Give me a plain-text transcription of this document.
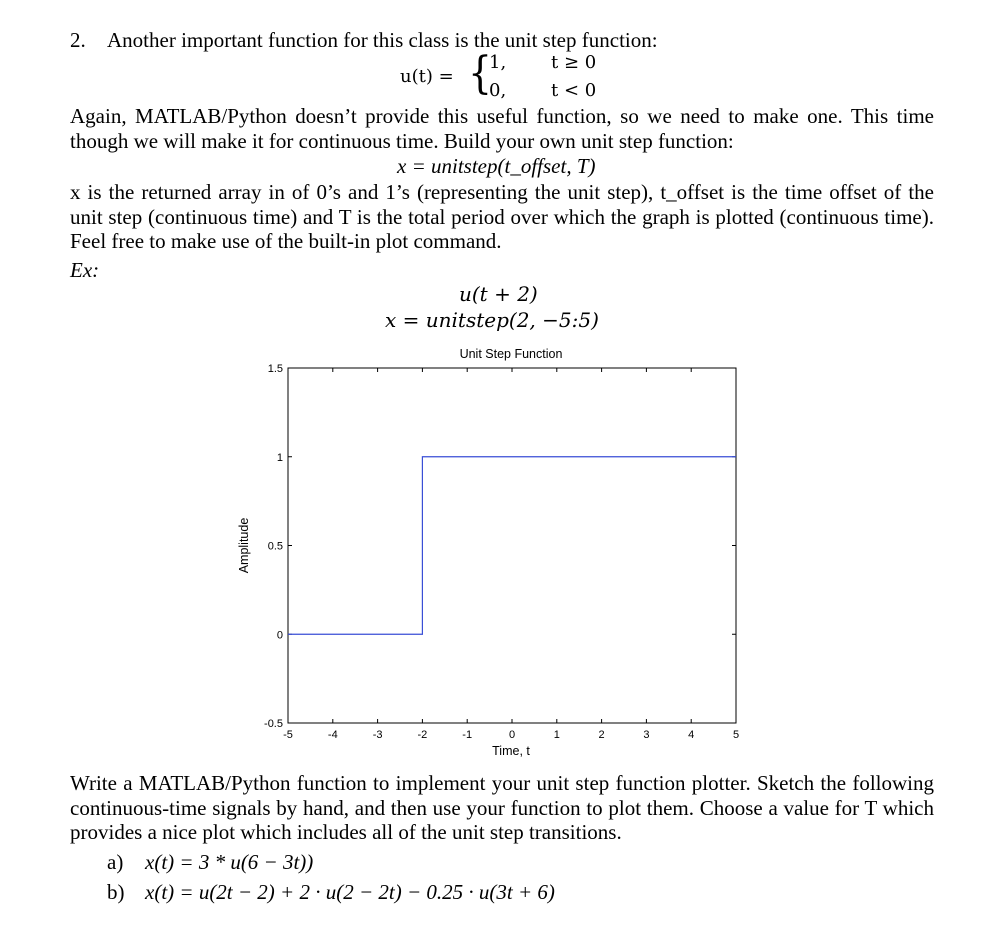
2. Another important function for this class is the unit step function:
u(t) = {
1, t ≥ 0
0, t < 0
Again, MATLAB/Python doesn’t provide this useful function, so we need to make one. This time though we will make it for continuous time. Build your own unit step function:
x = unitstep(t_offset, T)
x is the returned array in of 0’s and 1’s (representing the unit step), t_offset is the time offset of the unit step (continuous time) and T is the total period over which the graph is plotted (continuous time). Feel free to make use of the built-in plot command.
Ex:
u(t + 2)
x = unitstep(2, −5:5)
Unit Step Function
-5	-4	-3	-2	-1	0	1	2	3	4	5
-0.5
0
0.5
1
1.5
Time, t
Amplitude
Write a MATLAB/Python function to implement your unit step function plotter. Sketch the following continuous-time signals by hand, and then use your function to plot them. Choose a value for T which provides a nice plot which includes all of the unit step transitions.
a) x(t) = 3 * u(6 − 3t))
b) x(t) = u(2t − 2) + 2 · u(2 − 2t) − 0.25 · u(3t + 6)
